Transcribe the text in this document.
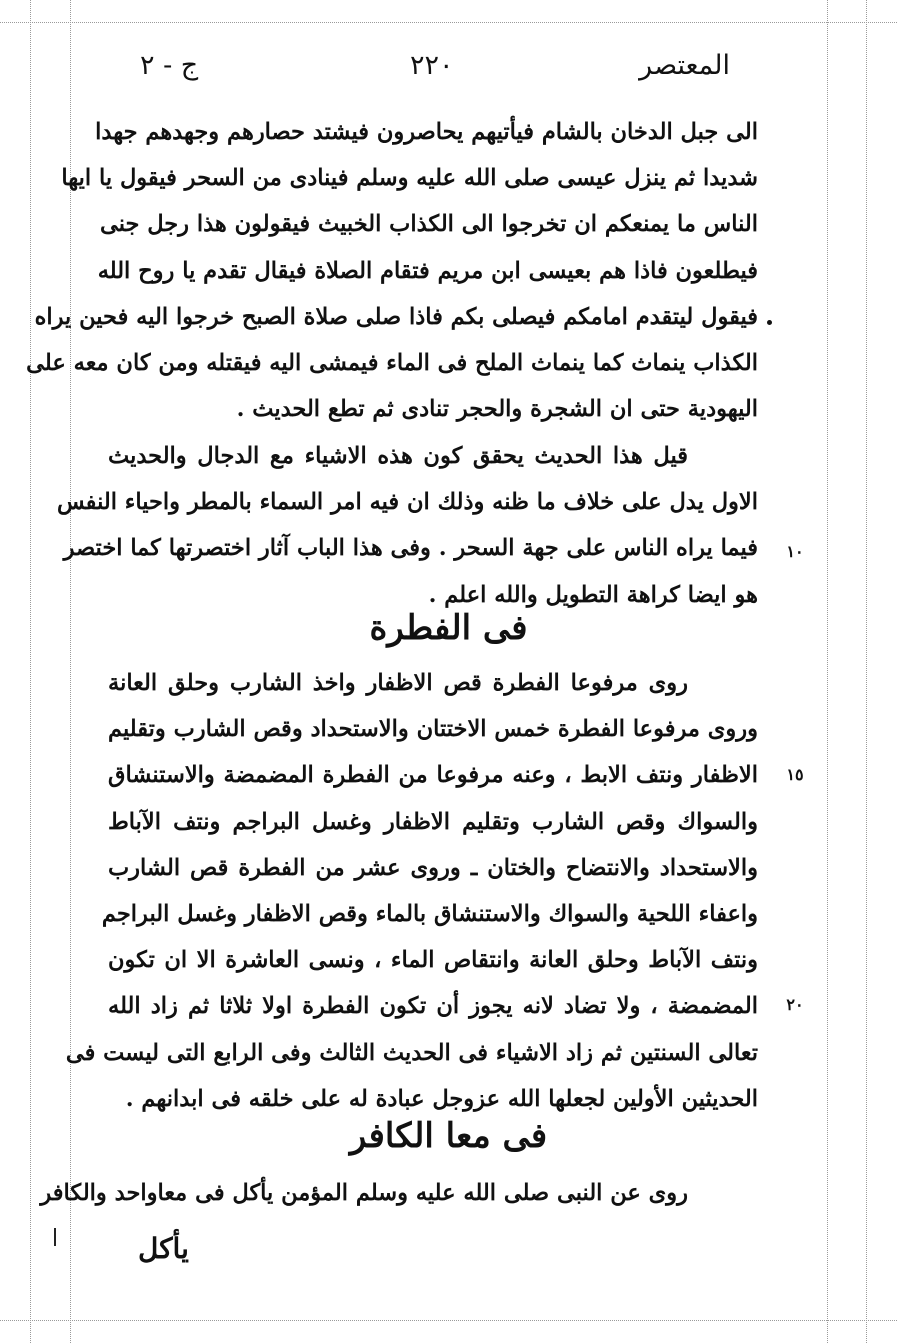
المعتصر
٢٢٠
ج - ٢
الى جبل الدخان بالشام فيأتيهم يحاصرون فيشتد حصارهم وجهدهم جهدا
شديدا ثم ينزل عيسى صلى الله عليه وسلم فينادى من السحر فيقول يا ايها
الناس ما يمنعكم ان تخرجوا الى الكذاب الخبيث فيقولون هذا رجل جنى
فيطلعون فاذا هم بعيسى ابن مريم فتقام الصلاة فيقال تقدم يا روح الله
فيقول ليتقدم امامكم فيصلى بكم فاذا صلى صلاة الصبح خرجوا اليه فحين يراه
الكذاب ينماث كما ينماث الملح فى الماء فيمشى اليه فيقتله ومن كان معه على
اليهودية حتى ان الشجرة والحجر تنادى ثم تطع الحديث .
قيل هذا الحديث يحقق كون هذه الاشياء مع الدجال والحديث
الاول يدل على خلاف ما ظنه وذلك ان فيه امر السماء بالمطر واحياء النفس
فيما يراه الناس على جهة السحر . وفى هذا الباب آثار اختصرتها كما اختصر
هو ايضا كراهة التطويل والله اعلم .
فى الفطرة
روى مرفوعا الفطرة قص الاظفار واخذ الشارب وحلق العانة
وروى مرفوعا الفطرة خمس الاختتان والاستحداد وقص الشارب وتقليم
الاظفار ونتف الابط ، وعنه مرفوعا من الفطرة المضمضة والاستنشاق
والسواك وقص الشارب وتقليم الاظفار وغسل البراجم ونتف الآباط
والاستحداد والانتضاح والختان ـ وروى عشر من الفطرة قص الشارب
واعفاء اللحية والسواك والاستنشاق بالماء وقص الاظفار وغسل البراجم
ونتف الآباط وحلق العانة وانتقاص الماء ، ونسى العاشرة الا ان تكون
المضمضة ، ولا تضاد لانه يجوز أن تكون الفطرة اولا ثلاثا ثم زاد الله
تعالى السنتين ثم زاد الاشياء فى الحديث الثالث وفى الرابع التى ليست فى
الحديثين الأولين لجعلها الله عزوجل عبادة له على خلقه فى ابدانهم .
فى معا الكافر
روى عن النبى صلى الله عليه وسلم المؤمن يأكل فى معاواحد والكافر
يأكل
١٠
١٥
٢٠
